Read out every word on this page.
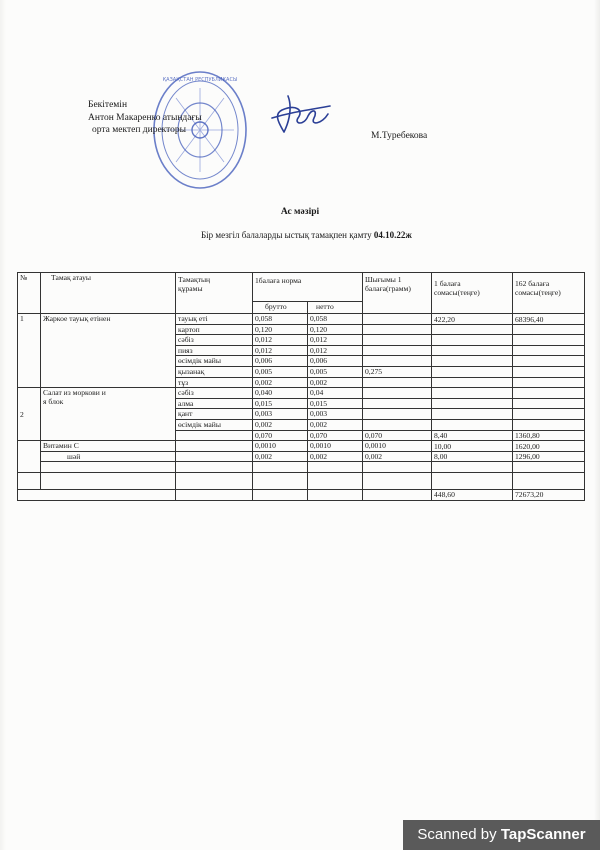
ҚАЗАҚСТАН РЕСПУБЛИКАСЫ
Бекітемін
Антон Макаренко атындағы
орта мектеп директоры
М.Туребекова
Ас мәзірі
Бір мезгіл балаларды ыстық тамақпен қамту 04.10.22ж
№	Тамақ атауы	Тамақтың
құрамы	1балаға норма		Шығымы 1
балаға(грамм)	1 балаға
сомасы(теңге)	162 балаға
сомасы(теңге)
			брутто	нетто			
1	Жаркое тауық етінен	тауық еті	0,058	0,058		422,20	68396,40
		картоп	0,120	0,120			
		сәбіз	0,012	0,012			
		пияз	0,012	0,012			
		өсімдік майы	0,006	0,006			
		қызанақ	0,005	0,005	0,275		
		тұз	0,002	0,002			
2	Салат из моркови и
я блок	сәбіз	0,040	0,04			
		алма	0,015	0,015			
		қант	0,003	0,003			
		өсімдік майы	0,002	0,002			
			0,070	0,070	0,070	8,40	1360,80
	Витамин С		0,0010	0,0010	0,0010	10,00	1620,00
	шәй		0,002	0,002	0,002	8,00	1296,00

						448,60	72673,20
Scanned by TapScanner
